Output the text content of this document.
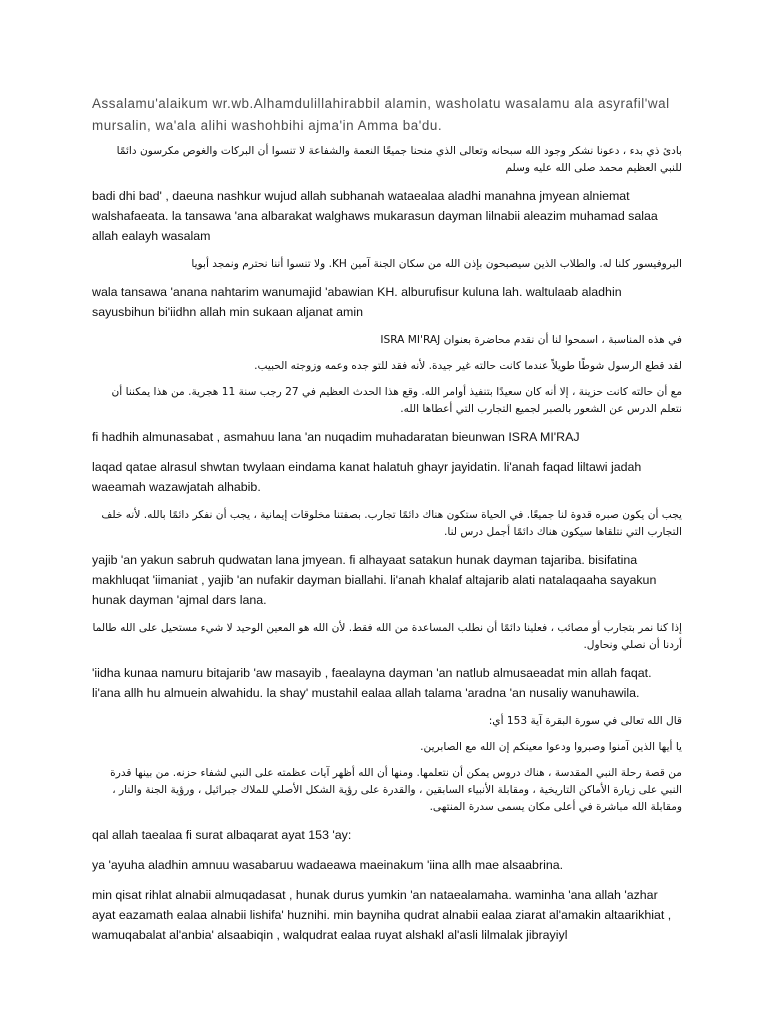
Assalamu'alaikum wr.wb.Alhamdulillahirabbil alamin, washolatu wasalamu ala asyrafil'wal mursalin, wa'ala alihi washohbihi ajma'in Amma ba'du.

بادئ ذي بدء ، دعونا نشكر وجود الله سبحانه وتعالى الذي منحنا جميعًا النعمة والشفاعة لا تنسوا أن البركات والغوص مكرسون دائمًا للنبي العظيم محمد صلى الله عليه وسلم

badi dhi bad' , daeuna nashkur wujud allah subhanah wataealaa aladhi manahna jmyean alniemat walshafaeata. la tansawa 'ana albarakat walghaws mukarasun dayman lilnabii aleazim muhamad salaa allah ealayh wasalam

البروفيسور كلنا له. والطلاب الذين سيصبحون بإذن الله من سكان الجنة آمين KH. ولا تنسوا أننا نحترم ونمجد أبويا

wala tansawa 'anana nahtarim wanumajid 'abawian KH. alburufisur kuluna lah. waltulaab aladhin sayusbihun bi'iidhn allah min sukaan aljanat amin

في هذه المناسبة ، اسمحوا لنا أن نقدم محاضرة بعنوان ISRA MI'RAJ

لقد قطع الرسول شوطًا طويلاً عندما كانت حالته غير جيدة. لأنه فقد للتو جده وعمه وزوجته الحبيب.

مع أن حالته كانت حزينة ، إلا أنه كان سعيدًا بتنفيذ أوامر الله. وقع هذا الحدث العظيم في 27 رجب سنة 11 هجرية. من هذا يمكننا أن نتعلم الدرس عن الشعور بالصبر لجميع التجارب التي أعطاها الله.

fi hadhih almunasabat , asmahuu lana 'an nuqadim muhadaratan bieunwan ISRA MI'RAJ

laqad qatae alrasul shwtan twylaan eindama kanat halatuh ghayr jayidatin. li'anah faqad liltawi jadah waeamah wazawjatah alhabib.

يجب أن يكون صبره قدوة لنا جميعًا. في الحياة ستكون هناك دائمًا تجارب. بصفتنا مخلوقات إيمانية ، يجب أن نفكر دائمًا بالله. لأنه خلف التجارب التي نتلقاها سيكون هناك دائمًا أجمل درس لنا.

yajib 'an yakun sabruh qudwatan lana jmyean. fi alhayaat satakun hunak dayman tajariba. bisifatina makhluqat 'iimaniat , yajib 'an nufakir dayman biallahi. li'anah khalaf altajarib alati natalaqaaha sayakun hunak dayman 'ajmal dars lana.

إذا كنا نمر بتجارب أو مصائب ، فعلينا دائمًا أن نطلب المساعدة من الله فقط. لأن الله هو المعين الوحيد لا شيء مستحيل على الله طالما أردنا أن نصلي ونحاول.

'iidha kunaa namuru bitajarib 'aw masayib , faealayna dayman 'an natlub almusaeadat min allah faqat. li'ana allh hu almuein alwahidu. la shay' mustahil ealaa allah talama 'aradna 'an nusaliy wanuhawila.

قال الله تعالى في سورة البقرة آية 153 أي:

يا أيها الذين آمنوا وصبروا ودعوا معينكم إن الله مع الصابرين.

من قصة رحلة النبي المقدسة ، هناك دروس يمكن أن نتعلمها. ومنها أن الله أظهر آيات عظمته على النبي لشفاء حزنه. من بينها قدرة النبي على زيارة الأماكن التاريخية ، ومقابلة الأنبياء السابقين ، والقدرة على رؤية الشكل الأصلي للملاك جبرائيل ، ورؤية الجنة والنار ، ومقابلة الله مباشرة في أعلى مكان يسمى سدرة المنتهى.

qal allah taealaa fi surat albaqarat ayat 153 'ay:

ya 'ayuha aladhin amnuu wasabaruu wadaeawa maeinakum 'iina allh mae alsaabrina.

min qisat rihlat alnabii almuqadasat , hunak durus yumkin 'an nataealamaha. waminha 'ana allah 'azhar ayat eazamath ealaa alnabii lishifa' huznihi. min bayniha qudrat alnabii ealaa ziarat al'amakin altaarikhiat , wamuqabalat al'anbia' alsaabiqin , walqudrat ealaa ruyat alshakl al'asli lilmalak jibrayiyl
